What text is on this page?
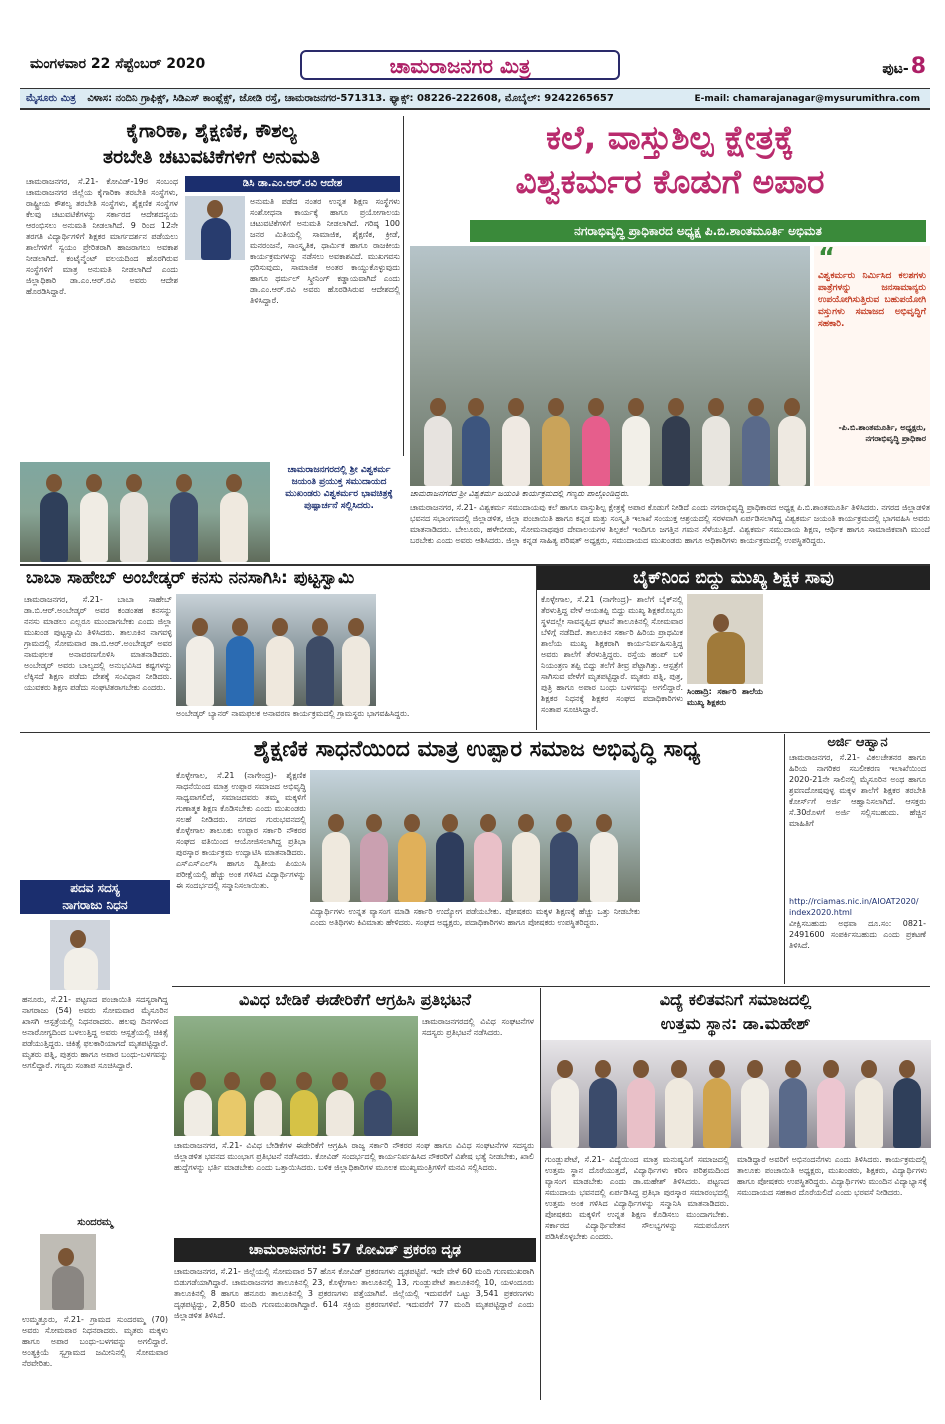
ಮಂಗಳವಾರ 22 ಸೆಪ್ಟೆಂಬರ್ 2020	ಚಾಮರಾಜನಗರ ಮಿತ್ರ	ಪುಟ-8
ಮೈಸೂರು ಮಿತ್ರ ವಿಳಾಸ: ನಂದಿನಿ ಗ್ರಾಫಿಕ್ಸ್, ಸಿಡಿಎಸ್ ಕಾಂಪ್ಲೆಕ್ಸ್, ಜೋಡಿ ರಸ್ತೆ, ಚಾಮರಾಜನಗರ-571313. ಫ್ಯಾಕ್ಸ್: 08226-222608, ಮೊಬೈಲ್: 9242265657	E-mail: chamarajanagar@mysurumithra.com
ಕೈಗಾರಿಕಾ, ಶೈಕ್ಷಣಿಕ, ಕೌಶಲ್ಯ
ತರಬೇತಿ ಚಟುವಟಿಕೆಗಳಿಗೆ ಅನುಮತಿ
ಡಿಸಿ ಡಾ.ಎಂ.ಆರ್.ರವಿ ಆದೇಶ
ಚಾಮರಾಜನಗರ, ಸೆ.21- ಕೋವಿಡ್-19ರ ಸಂಬಂಧ ಚಾಮರಾಜನಗರ ಜಿಲ್ಲೆಯ ಕೈಗಾರಿಕಾ ತರಬೇತಿ ಸಂಸ್ಥೆಗಳು, ರಾಷ್ಟ್ರೀಯ ಕೌಶಲ್ಯ ತರಬೇತಿ ಸಂಸ್ಥೆಗಳು, ಶೈಕ್ಷಣಿಕ ಸಂಸ್ಥೆಗಳ ಕೆಲವು ಚಟುವಟಿಕೆಗಳನ್ನು ಸರ್ಕಾರದ ಆದೇಶದನ್ವಯ ಆರಂಭಿಸಲು ಅನುಮತಿ ನೀಡಲಾಗಿದೆ. 9 ರಿಂದ 12ನೇ ತರಗತಿ ವಿದ್ಯಾರ್ಥಿಗಳಿಗೆ ಶಿಕ್ಷಕರ ಮಾರ್ಗದರ್ಶನ ಪಡೆಯಲು ಶಾಲೆಗಳಿಗೆ ಸ್ವಯಂ ಪ್ರೇರಿತರಾಗಿ ಹಾಜರಾಗಲು ಅವಕಾಶ ನೀಡಲಾಗಿದೆ. ಕಂಟೈನ್ಮೆಂಟ್ ವಲಯದಿಂದ ಹೊರಗಿರುವ ಸಂಸ್ಥೆಗಳಿಗೆ ಮಾತ್ರ ಅನುಮತಿ ನೀಡಲಾಗಿದೆ ಎಂದು ಜಿಲ್ಲಾಧಿಕಾರಿ ಡಾ.ಎಂ.ಆರ್.ರವಿ ಅವರು ಆದೇಶ ಹೊರಡಿಸಿದ್ದಾರೆ.
ಅನುಮತಿ ಪಡೆದ ನಂತರ ಉನ್ನತ ಶಿಕ್ಷಣ ಸಂಸ್ಥೆಗಳು ಸಂಶೋಧನಾ ಕಾರ್ಯಕ್ಕೆ ಹಾಗೂ ಪ್ರಯೋಗಾಲಯ ಚಟುವಟಿಕೆಗಳಿಗೆ ಅನುಮತಿ ನೀಡಲಾಗಿದೆ. ಗರಿಷ್ಠ 100 ಜನರ ಮಿತಿಯಲ್ಲಿ ಸಾಮಾಜಿಕ, ಶೈಕ್ಷಣಿಕ, ಕ್ರೀಡೆ, ಮನರಂಜನೆ, ಸಾಂಸ್ಕೃತಿಕ, ಧಾರ್ಮಿಕ ಹಾಗೂ ರಾಜಕೀಯ ಕಾರ್ಯಕ್ರಮಗಳನ್ನು ನಡೆಸಲು ಅವಕಾಶವಿದೆ. ಮುಖಗವಸು ಧರಿಸುವುದು, ಸಾಮಾಜಿಕ ಅಂತರ ಕಾಯ್ದುಕೊಳ್ಳುವುದು ಹಾಗೂ ಥರ್ಮಲ್ ಸ್ಕ್ರೀನಿಂಗ್ ಕಡ್ಡಾಯವಾಗಿದೆ ಎಂದು ಡಾ.ಎಂ.ಆರ್.ರವಿ ಅವರು ಹೊರಡಿಸಿರುವ ಆದೇಶದಲ್ಲಿ ತಿಳಿಸಿದ್ದಾರೆ.
ಕಲೆ, ವಾಸ್ತುಶಿಲ್ಪ ಕ್ಷೇತ್ರಕ್ಕೆ
ವಿಶ್ವಕರ್ಮರ ಕೊಡುಗೆ ಅಪಾರ
ನಗರಾಭಿವೃದ್ಧಿ ಪ್ರಾಧಿಕಾರದ ಅಧ್ಯಕ್ಷ ಪಿ.ಬಿ.ಶಾಂತಮೂರ್ತಿ ಅಭಿಮತ
“
ವಿಶ್ವಕರ್ಮರು ನಿರ್ಮಿಸಿದ ಕಲಶಗಳು ಪಾತ್ರೆಗಳನ್ನು ಜನಸಾಮಾನ್ಯರು ಉಪಯೋಗಿಸುತ್ತಿರುವ ಬಹುಪಯೋಗಿ ವಸ್ತುಗಳು ಸಮಾಜದ ಅಭಿವೃದ್ಧಿಗೆ ಸಹಕಾರಿ.
-ಪಿ.ಬಿ.ಶಾಂತಮೂರ್ತಿ, ಅಧ್ಯಕ್ಷರು, ನಗರಾಭಿವೃದ್ಧಿ ಪ್ರಾಧಿಕಾರ
ಚಾಮರಾಜನಗರದ ಶ್ರೀ ವಿಶ್ವಕರ್ಮ ಜಯಂತಿ ಕಾರ್ಯಕ್ರಮದಲ್ಲಿ ಗಣ್ಯರು ಪಾಲ್ಗೊಂಡಿದ್ದರು.
ಚಾಮರಾಜನಗರ, ಸೆ.21- ವಿಶ್ವಕರ್ಮ ಸಮುದಾಯವು ಕಲೆ ಹಾಗೂ ವಾಸ್ತುಶಿಲ್ಪ ಕ್ಷೇತ್ರಕ್ಕೆ ಅಪಾರ ಕೊಡುಗೆ ನೀಡಿದೆ ಎಂದು ನಗರಾಭಿವೃದ್ಧಿ ಪ್ರಾಧಿಕಾರದ ಅಧ್ಯಕ್ಷ ಪಿ.ಬಿ.ಶಾಂತಮೂರ್ತಿ ತಿಳಿಸಿದರು. ನಗರದ ಜಿಲ್ಲಾಡಳಿತ ಭವನದ ಸಭಾಂಗಣದಲ್ಲಿ ಜಿಲ್ಲಾಡಳಿತ, ಜಿಲ್ಲಾ ಪಂಚಾಯಿತಿ ಹಾಗೂ ಕನ್ನಡ ಮತ್ತು ಸಂಸ್ಕೃತಿ ಇಲಾಖೆ ಸಂಯುಕ್ತ ಆಶ್ರಯದಲ್ಲಿ ಸರಳವಾಗಿ ಏರ್ಪಡಿಸಲಾಗಿದ್ದ ವಿಶ್ವಕರ್ಮ ಜಯಂತಿ ಕಾರ್ಯಕ್ರಮದಲ್ಲಿ ಭಾಗವಹಿಸಿ ಅವರು ಮಾತನಾಡಿದರು. ಬೇಲೂರು, ಹಳೇಬೀಡು, ಸೋಮನಾಥಪುರ ದೇವಾಲಯಗಳ ಶಿಲ್ಪಕಲೆ ಇಂದಿಗೂ ಜಗತ್ತಿನ ಗಮನ ಸೆಳೆಯುತ್ತಿದೆ. ವಿಶ್ವಕರ್ಮ ಸಮುದಾಯ ಶಿಕ್ಷಣ, ಆರ್ಥಿಕ ಹಾಗೂ ಸಾಮಾಜಿಕವಾಗಿ ಮುಂದೆ ಬರಬೇಕು ಎಂದು ಅವರು ಆಶಿಸಿದರು. ಜಿಲ್ಲಾ ಕನ್ನಡ ಸಾಹಿತ್ಯ ಪರಿಷತ್ ಅಧ್ಯಕ್ಷರು, ಸಮುದಾಯದ ಮುಖಂಡರು ಹಾಗೂ ಅಧಿಕಾರಿಗಳು ಕಾರ್ಯಕ್ರಮದಲ್ಲಿ ಉಪಸ್ಥಿತರಿದ್ದರು.
ಚಾಮರಾಜನಗರದಲ್ಲಿ ಶ್ರೀ ವಿಶ್ವಕರ್ಮ ಜಯಂತಿ ಪ್ರಯುಕ್ತ ಸಮುದಾಯದ ಮುಖಂಡರು ವಿಶ್ವಕರ್ಮರ ಭಾವಚಿತ್ರಕ್ಕೆ ಪುಷ್ಪಾರ್ಚನೆ ಸಲ್ಲಿಸಿದರು.
ಬಾಬಾ ಸಾಹೇಬ್ ಅಂಬೇಡ್ಕರ್ ಕನಸು ನನಸಾಗಿಸಿ: ಪುಟ್ಟಸ್ವಾಮಿ
ಚಾಮರಾಜನಗರ, ಸೆ.21- ಬಾಬಾ ಸಾಹೇಬ್ ಡಾ.ಬಿ.ಆರ್.ಅಂಬೇಡ್ಕರ್ ಅವರ ಕಂಡಂತಹ ಕನಸನ್ನು ನನಸು ಮಾಡಲು ಎಲ್ಲರೂ ಮುಂದಾಗಬೇಕು ಎಂದು ಜಿಲ್ಲಾ ಮುಖಂಡ ಪುಟ್ಟಸ್ವಾಮಿ ತಿಳಿಸಿದರು. ತಾಲೂಕಿನ ನಾಗವಳ್ಳಿ ಗ್ರಾಮದಲ್ಲಿ ಸೋಮವಾರ ಡಾ.ಬಿ.ಆರ್.ಅಂಬೇಡ್ಕರ್ ಅವರ ನಾಮಫಲಕ ಅನಾವರಣಗೊಳಿಸಿ ಮಾತನಾಡಿದರು. ಅಂಬೇಡ್ಕರ್ ಅವರು ಬಾಲ್ಯದಲ್ಲಿ ಅನುಭವಿಸಿದ ಕಷ್ಟಗಳನ್ನು ಲೆಕ್ಕಿಸದೆ ಶಿಕ್ಷಣ ಪಡೆದು ದೇಶಕ್ಕೆ ಸಂವಿಧಾನ ನೀಡಿದರು. ಯುವಕರು ಶಿಕ್ಷಣ ಪಡೆದು ಸಂಘಟಿತರಾಗಬೇಕು ಎಂದರು.
ಅಂಬೇಡ್ಕರ್ ಬ್ಯಾನರ್ ನಾಮಫಲಕ ಅನಾವರಣ ಕಾರ್ಯಕ್ರಮದಲ್ಲಿ ಗ್ರಾಮಸ್ಥರು ಭಾಗವಹಿಸಿದ್ದರು.
ಬೈಕ್‌ನಿಂದ ಬಿದ್ದು ಮುಖ್ಯ ಶಿಕ್ಷಕ ಸಾವು
ಸಿಂಹಾದ್ರಿ: ಸರ್ಕಾರಿ ಶಾಲೆಯ ಮುಖ್ಯ ಶಿಕ್ಷಕರು
ಕೊಳ್ಳೇಗಾಲ, ಸೆ.21 (ನಾಗೇಂದ್ರ)- ಶಾಲೆಗೆ ಬೈಕ್‌ನಲ್ಲಿ ತೆರಳುತ್ತಿದ್ದ ವೇಳೆ ಆಯತಪ್ಪಿ ಬಿದ್ದು ಮುಖ್ಯ ಶಿಕ್ಷಕರೊಬ್ಬರು ಸ್ಥಳದಲ್ಲೇ ಸಾವನ್ನಪ್ಪಿದ ಘಟನೆ ತಾಲೂಕಿನಲ್ಲಿ ಸೋಮವಾರ ಬೆಳಿಗ್ಗೆ ನಡೆದಿದೆ. ತಾಲೂಕಿನ ಸರ್ಕಾರಿ ಹಿರಿಯ ಪ್ರಾಥಮಿಕ ಶಾಲೆಯ ಮುಖ್ಯ ಶಿಕ್ಷಕರಾಗಿ ಕಾರ್ಯನಿರ್ವಹಿಸುತ್ತಿದ್ದ ಅವರು ಶಾಲೆಗೆ ತೆರಳುತ್ತಿದ್ದರು. ರಸ್ತೆಯ ಹಂಪ್ ಬಳಿ ನಿಯಂತ್ರಣ ತಪ್ಪಿ ಬಿದ್ದು ತಲೆಗೆ ತೀವ್ರ ಪೆಟ್ಟಾಗಿತ್ತು. ಆಸ್ಪತ್ರೆಗೆ ಸಾಗಿಸುವ ವೇಳೆಗೆ ಮೃತಪಟ್ಟಿದ್ದಾರೆ. ಮೃತರು ಪತ್ನಿ, ಪುತ್ರ, ಪುತ್ರಿ ಹಾಗೂ ಅಪಾರ ಬಂಧು ಬಳಗವನ್ನು ಅಗಲಿದ್ದಾರೆ. ಶಿಕ್ಷಕರ ನಿಧನಕ್ಕೆ ಶಿಕ್ಷಕರ ಸಂಘದ ಪದಾಧಿಕಾರಿಗಳು ಸಂತಾಪ ಸೂಚಿಸಿದ್ದಾರೆ.
ಶೈಕ್ಷಣಿಕ ಸಾಧನೆಯಿಂದ ಮಾತ್ರ ಉಪ್ಪಾರ ಸಮಾಜ ಅಭಿವೃದ್ಧಿ ಸಾಧ್ಯ
ಕೊಳ್ಳೇಗಾಲ, ಸೆ.21 (ನಾಗೇಂದ್ರ)- ಶೈಕ್ಷಣಿಕ ಸಾಧನೆಯಿಂದ ಮಾತ್ರ ಉಪ್ಪಾರ ಸಮಾಜದ ಅಭಿವೃದ್ಧಿ ಸಾಧ್ಯವಾಗಲಿದೆ, ಸಮಾಜದವರು ತಮ್ಮ ಮಕ್ಕಳಿಗೆ ಗುಣಾತ್ಮಕ ಶಿಕ್ಷಣ ಕೊಡಿಸಬೇಕು ಎಂದು ಮುಖಂಡರು ಸಲಹೆ ನೀಡಿದರು. ನಗರದ ಗುರುಭವನದಲ್ಲಿ ಕೊಳ್ಳೇಗಾಲ ತಾಲೂಕು ಉಪ್ಪಾರ ಸರ್ಕಾರಿ ನೌಕರರ ಸಂಘದ ವತಿಯಿಂದ ಆಯೋಜಿಸಲಾಗಿದ್ದ ಪ್ರತಿಭಾ ಪುರಸ್ಕಾರ ಕಾರ್ಯಕ್ರಮ ಉದ್ಘಾಟಿಸಿ ಮಾತನಾಡಿದರು. ಎಸ್‌ಎಸ್‌ಎಲ್‌ಸಿ ಹಾಗೂ ದ್ವಿತೀಯ ಪಿಯುಸಿ ಪರೀಕ್ಷೆಯಲ್ಲಿ ಹೆಚ್ಚು ಅಂಕ ಗಳಿಸಿದ ವಿದ್ಯಾರ್ಥಿಗಳನ್ನು ಈ ಸಂದರ್ಭದಲ್ಲಿ ಸನ್ಮಾನಿಸಲಾಯಿತು.
ವಿದ್ಯಾರ್ಥಿಗಳು ಉನ್ನತ ವ್ಯಾಸಂಗ ಮಾಡಿ ಸರ್ಕಾರಿ ಉದ್ಯೋಗ ಪಡೆಯಬೇಕು. ಪೋಷಕರು ಮಕ್ಕಳ ಶಿಕ್ಷಣಕ್ಕೆ ಹೆಚ್ಚು ಒತ್ತು ನೀಡಬೇಕು ಎಂದು ಅತಿಥಿಗಳು ಕಿವಿಮಾತು ಹೇಳಿದರು. ಸಂಘದ ಅಧ್ಯಕ್ಷರು, ಪದಾಧಿಕಾರಿಗಳು ಹಾಗೂ ಪೋಷಕರು ಉಪಸ್ಥಿತರಿದ್ದರು.
ಅರ್ಜಿ ಆಹ್ವಾನ
ಚಾಮರಾಜನಗರ, ಸೆ.21- ವಿಕಲಚೇತನರ ಹಾಗೂ ಹಿರಿಯ ನಾಗರಿಕರ ಸಬಲೀಕರಣ ಇಲಾಖೆಯಿಂದ 2020-21ನೇ ಸಾಲಿನಲ್ಲಿ ಮೈಸೂರಿನ ಅಂಧ ಹಾಗೂ ಶ್ರವಣದೋಷವುಳ್ಳ ಮಕ್ಕಳ ಶಾಲೆಗೆ ಶಿಕ್ಷಕರ ತರಬೇತಿ ಕೋರ್ಸ್‌ಗೆ ಅರ್ಜಿ ಆಹ್ವಾನಿಸಲಾಗಿದೆ. ಆಸಕ್ತರು ಸೆ.30ರೊಳಗೆ ಅರ್ಜಿ ಸಲ್ಲಿಸಬಹುದು. ಹೆಚ್ಚಿನ ಮಾಹಿತಿಗೆ
http://rciamas.nic.in/AIOAT2020/
index2020.html
ವೀಕ್ಷಿಸಬಹುದು ಅಥವಾ ದೂ.ಸಂ: 0821-2491600 ಸಂಪರ್ಕಿಸಬಹುದು ಎಂದು ಪ್ರಕಟಣೆ ತಿಳಿಸಿದೆ.
ಪದವ ಸದಸ್ಯ
ನಾಗರಾಜು ನಿಧನ
ಹನೂರು, ಸೆ.21- ಪಟ್ಟಣದ ಪಂಚಾಯಿತಿ ಸದಸ್ಯರಾಗಿದ್ದ ನಾಗರಾಜು (54) ಅವರು ಸೋಮವಾರ ಮೈಸೂರಿನ ಖಾಸಗಿ ಆಸ್ಪತ್ರೆಯಲ್ಲಿ ನಿಧನರಾದರು. ಹಲವು ದಿನಗಳಿಂದ ಅನಾರೋಗ್ಯದಿಂದ ಬಳಲುತ್ತಿದ್ದ ಅವರು ಆಸ್ಪತ್ರೆಯಲ್ಲಿ ಚಿಕಿತ್ಸೆ ಪಡೆಯುತ್ತಿದ್ದರು. ಚಿಕಿತ್ಸೆ ಫಲಕಾರಿಯಾಗದೆ ಮೃತಪಟ್ಟಿದ್ದಾರೆ. ಮೃತರು ಪತ್ನಿ, ಪುತ್ರರು ಹಾಗೂ ಅಪಾರ ಬಂಧು-ಬಳಗವನ್ನು ಅಗಲಿದ್ದಾರೆ. ಗಣ್ಯರು ಸಂತಾಪ ಸೂಚಿಸಿದ್ದಾರೆ.
ಸುಂದರಮ್ಮ
ಉಮ್ಮತ್ತೂರು, ಸೆ.21- ಗ್ರಾಮದ ಸುಂದರಮ್ಮ (70) ಅವರು ಸೋಮವಾರ ನಿಧನರಾದರು. ಮೃತರು ಮಕ್ಕಳು ಹಾಗೂ ಅಪಾರ ಬಂಧು-ಬಳಗವನ್ನು ಅಗಲಿದ್ದಾರೆ. ಅಂತ್ಯಕ್ರಿಯೆ ಸ್ವಗ್ರಾಮದ ಜಮೀನಿನಲ್ಲಿ ಸೋಮವಾರ ನೆರವೇರಿತು.
ವಿವಿಧ ಬೇಡಿಕೆ ಈಡೇರಿಕೆಗೆ ಆಗ್ರಹಿಸಿ ಪ್ರತಿಭಟನೆ
ಚಾಮರಾಜನಗರ, ಸೆ.21- ವಿವಿಧ ಬೇಡಿಕೆಗಳ ಈಡೇರಿಕೆಗೆ ಆಗ್ರಹಿಸಿ ರಾಜ್ಯ ಸರ್ಕಾರಿ ನೌಕರರ ಸಂಘ ಹಾಗೂ ವಿವಿಧ ಸಂಘಟನೆಗಳ ಸದಸ್ಯರು ಜಿಲ್ಲಾಡಳಿತ ಭವನದ ಮುಂಭಾಗ ಪ್ರತಿಭಟನೆ ನಡೆಸಿದರು. ಕೋವಿಡ್ ಸಂದರ್ಭದಲ್ಲಿ ಕಾರ್ಯನಿರ್ವಹಿಸಿದ ನೌಕರರಿಗೆ ವಿಶೇಷ ಭತ್ಯೆ ನೀಡಬೇಕು, ಖಾಲಿ ಹುದ್ದೆಗಳನ್ನು ಭರ್ತಿ ಮಾಡಬೇಕು ಎಂದು ಒತ್ತಾಯಿಸಿದರು. ಬಳಿಕ ಜಿಲ್ಲಾಧಿಕಾರಿಗಳ ಮೂಲಕ ಮುಖ್ಯಮಂತ್ರಿಗಳಿಗೆ ಮನವಿ ಸಲ್ಲಿಸಿದರು.
ಚಾಮರಾಜನಗರದಲ್ಲಿ ವಿವಿಧ ಸಂಘಟನೆಗಳ ಸದಸ್ಯರು ಪ್ರತಿಭಟನೆ ನಡೆಸಿದರು.
ಚಾಮರಾಜನಗರ: 57 ಕೋವಿಡ್ ಪ್ರಕರಣ ದೃಢ
ಚಾಮರಾಜನಗರ, ಸೆ.21- ಜಿಲ್ಲೆಯಲ್ಲಿ ಸೋಮವಾರ 57 ಹೊಸ ಕೋವಿಡ್ ಪ್ರಕರಣಗಳು ದೃಢಪಟ್ಟಿವೆ. ಇದೇ ವೇಳೆ 60 ಮಂದಿ ಗುಣಮುಖರಾಗಿ ಬಿಡುಗಡೆಯಾಗಿದ್ದಾರೆ. ಚಾಮರಾಜನಗರ ತಾಲೂಕಿನಲ್ಲಿ 23, ಕೊಳ್ಳೇಗಾಲ ತಾಲೂಕಿನಲ್ಲಿ 13, ಗುಂಡ್ಲುಪೇಟೆ ತಾಲೂಕಿನಲ್ಲಿ 10, ಯಳಂದೂರು ತಾಲೂಕಿನಲ್ಲಿ 8 ಹಾಗೂ ಹನೂರು ತಾಲೂಕಿನಲ್ಲಿ 3 ಪ್ರಕರಣಗಳು ಪತ್ತೆಯಾಗಿವೆ. ಜಿಲ್ಲೆಯಲ್ಲಿ ಇದುವರೆಗೆ ಒಟ್ಟು 3,541 ಪ್ರಕರಣಗಳು ದೃಢಪಟ್ಟಿದ್ದು, 2,850 ಮಂದಿ ಗುಣಮುಖರಾಗಿದ್ದಾರೆ. 614 ಸಕ್ರಿಯ ಪ್ರಕರಣಗಳಿವೆ. ಇದುವರೆಗೆ 77 ಮಂದಿ ಮೃತಪಟ್ಟಿದ್ದಾರೆ ಎಂದು ಜಿಲ್ಲಾಡಳಿತ ತಿಳಿಸಿದೆ.
ವಿದ್ಯೆ ಕಲಿತವನಿಗೆ ಸಮಾಜದಲ್ಲಿ
ಉತ್ತಮ ಸ್ಥಾನ: ಡಾ.ಮಹೇಶ್
ಗುಂಡ್ಲುಪೇಟೆ, ಸೆ.21- ವಿದ್ಯೆಯಿಂದ ಮಾತ್ರ ಮನುಷ್ಯನಿಗೆ ಸಮಾಜದಲ್ಲಿ ಉತ್ತಮ ಸ್ಥಾನ ದೊರೆಯುತ್ತದೆ, ವಿದ್ಯಾರ್ಥಿಗಳು ಕಠಿಣ ಪರಿಶ್ರಮದಿಂದ ವ್ಯಾಸಂಗ ಮಾಡಬೇಕು ಎಂದು ಡಾ.ಮಹೇಶ್ ತಿಳಿಸಿದರು. ಪಟ್ಟಣದ ಸಮುದಾಯ ಭವನದಲ್ಲಿ ಏರ್ಪಡಿಸಿದ್ದ ಪ್ರತಿಭಾ ಪುರಸ್ಕಾರ ಸಮಾರಂಭದಲ್ಲಿ ಉತ್ತಮ ಅಂಕ ಗಳಿಸಿದ ವಿದ್ಯಾರ್ಥಿಗಳನ್ನು ಸನ್ಮಾನಿಸಿ ಮಾತನಾಡಿದರು. ಪೋಷಕರು ಮಕ್ಕಳಿಗೆ ಉನ್ನತ ಶಿಕ್ಷಣ ಕೊಡಿಸಲು ಮುಂದಾಗಬೇಕು. ಸರ್ಕಾರದ ವಿದ್ಯಾರ್ಥಿವೇತನ ಸೌಲಭ್ಯಗಳನ್ನು ಸದುಪಯೋಗ ಪಡಿಸಿಕೊಳ್ಳಬೇಕು ಎಂದರು.
ಮಾಡಿದ್ದಾರೆ ಅವರಿಗೆ ಅಭಿನಂದನೆಗಳು ಎಂದು ತಿಳಿಸಿದರು. ಕಾರ್ಯಕ್ರಮದಲ್ಲಿ ತಾಲೂಕು ಪಂಚಾಯಿತಿ ಅಧ್ಯಕ್ಷರು, ಮುಖಂಡರು, ಶಿಕ್ಷಕರು, ವಿದ್ಯಾರ್ಥಿಗಳು ಹಾಗೂ ಪೋಷಕರು ಉಪಸ್ಥಿತರಿದ್ದರು. ವಿದ್ಯಾರ್ಥಿಗಳು ಮುಂದಿನ ವಿದ್ಯಾಭ್ಯಾಸಕ್ಕೆ ಸಮುದಾಯದ ಸಹಕಾರ ದೊರೆಯಲಿದೆ ಎಂದು ಭರವಸೆ ನೀಡಿದರು.
